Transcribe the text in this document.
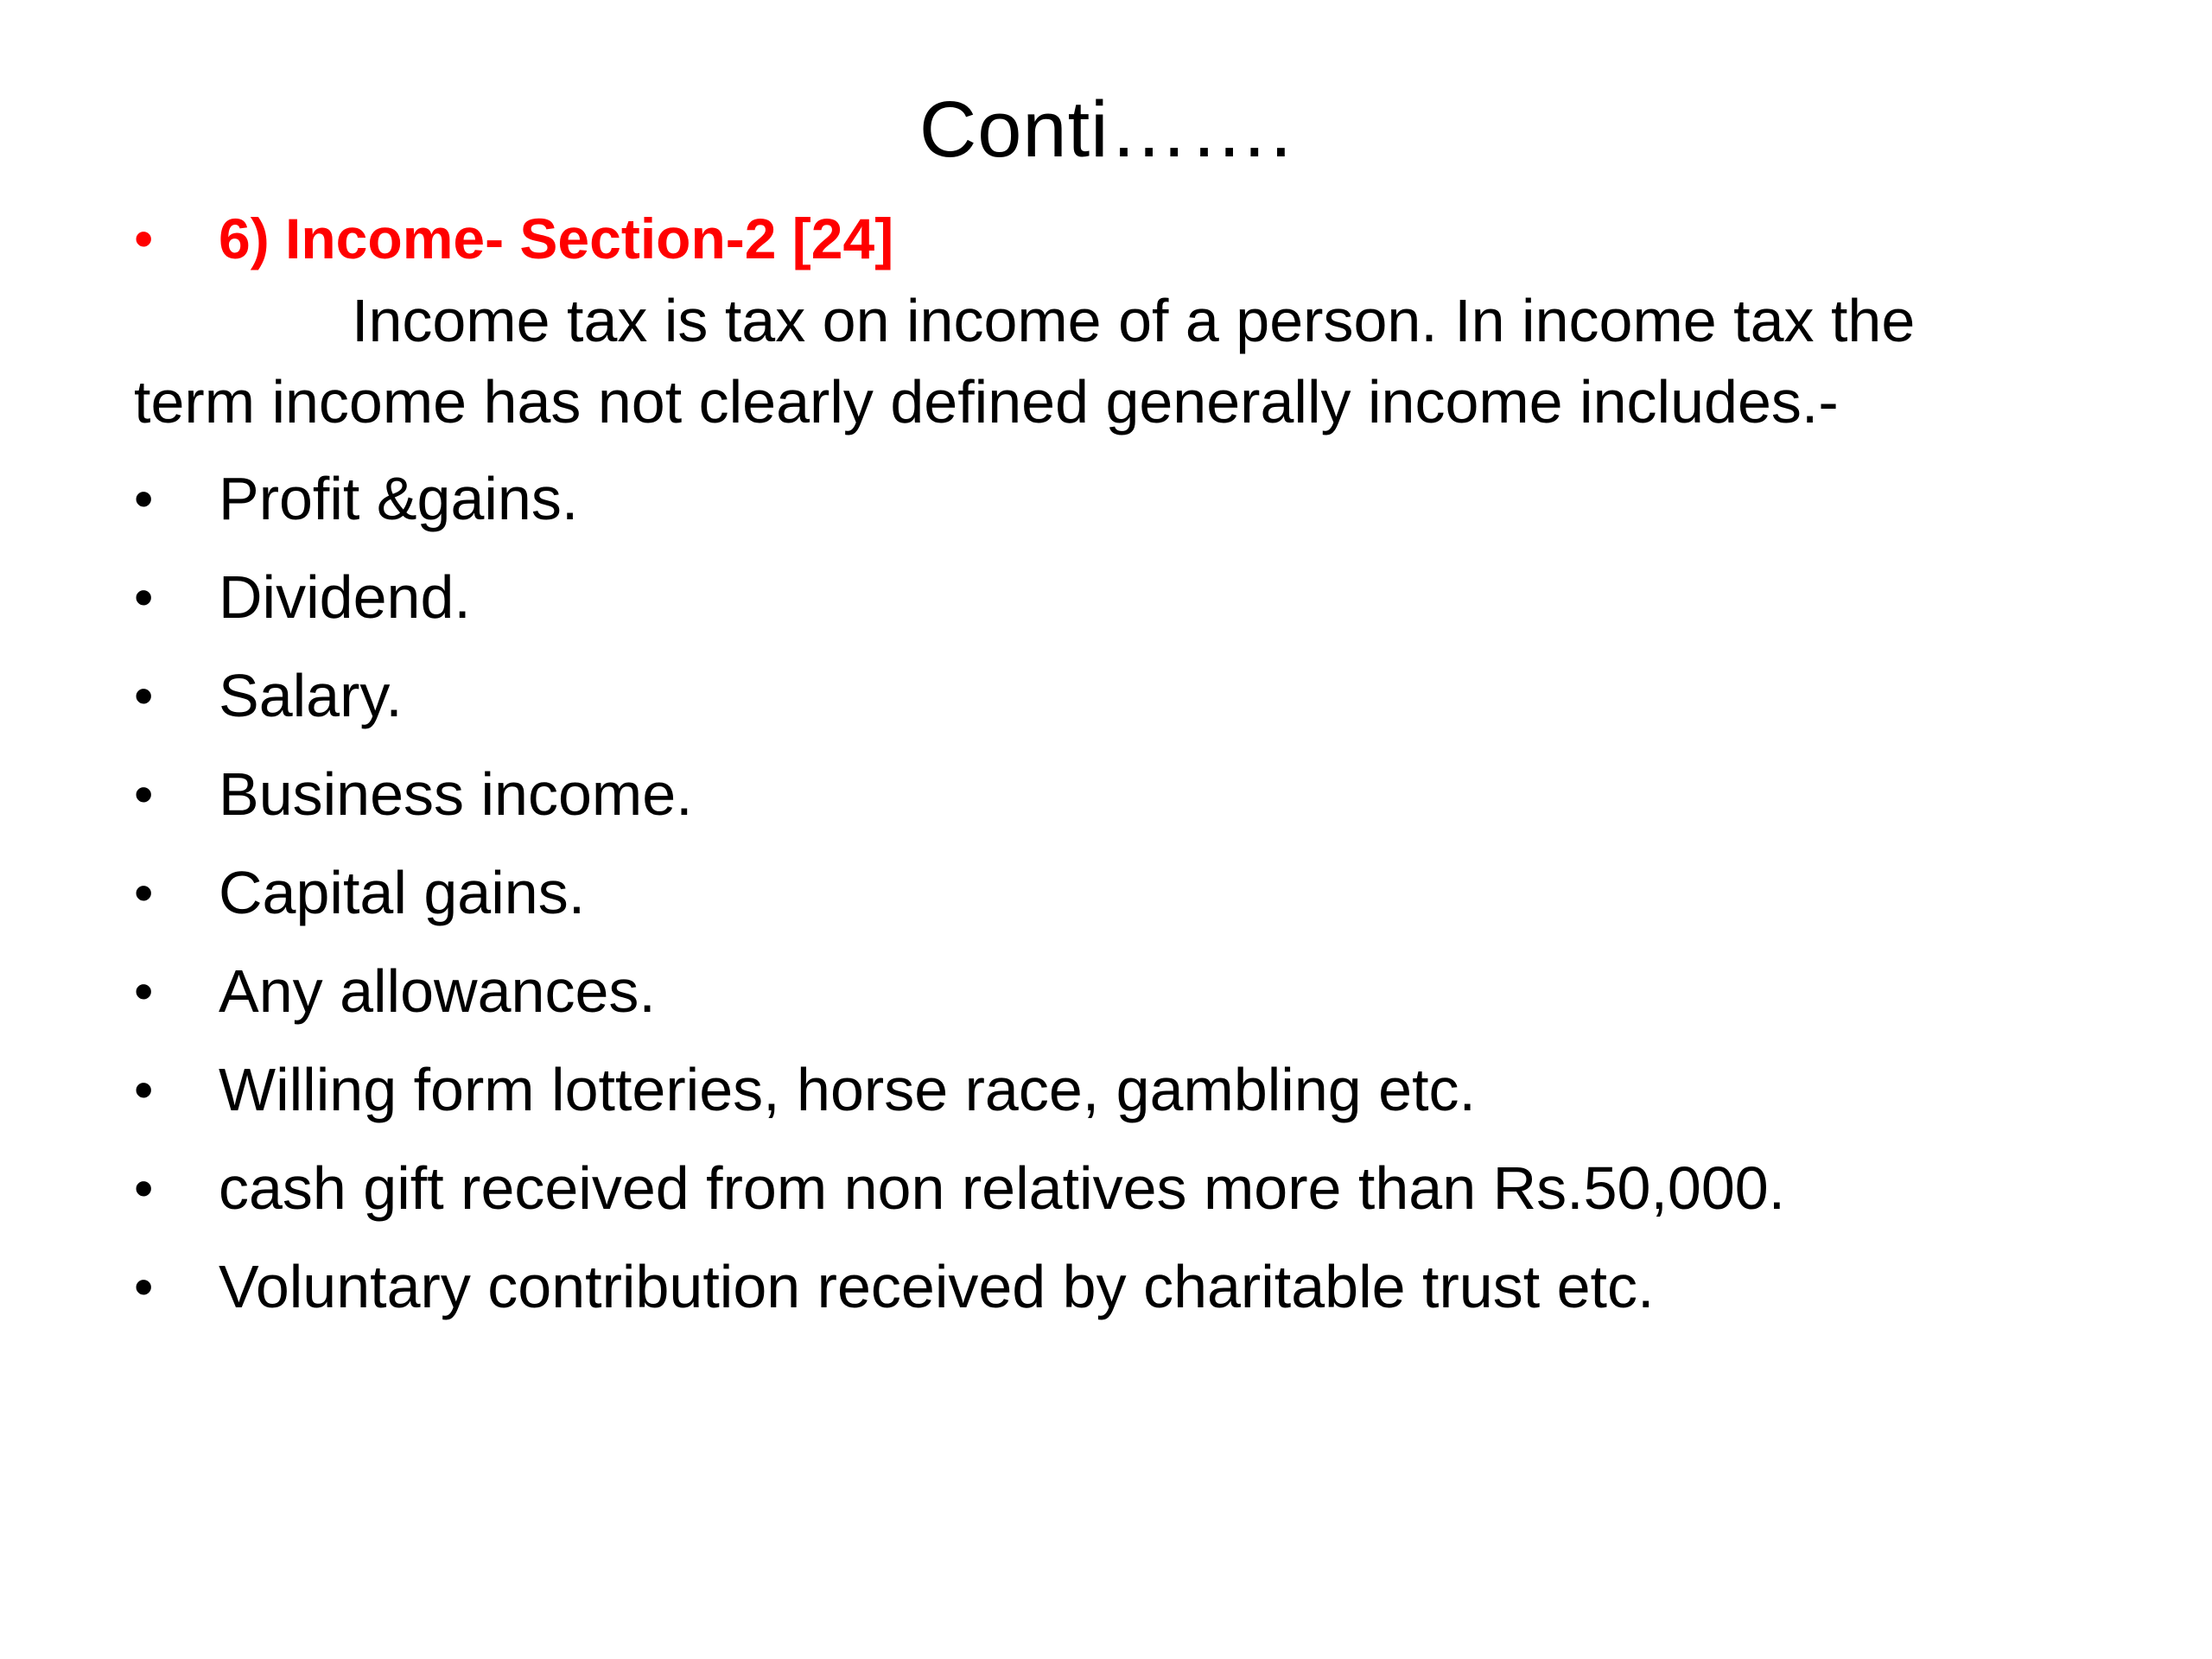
Conti…….
• 6) Income- Section-2 [24]

Income tax is tax on income of a person. In income tax the term income has not clearly defined generally income includes.-

• Profit &gains.
• Dividend.
• Salary.
• Business income.
• Capital gains.
• Any allowances.
• Willing form lotteries, horse race, gambling etc.
• cash gift received from non relatives more than Rs.50,000.
• Voluntary contribution received by charitable trust etc.
